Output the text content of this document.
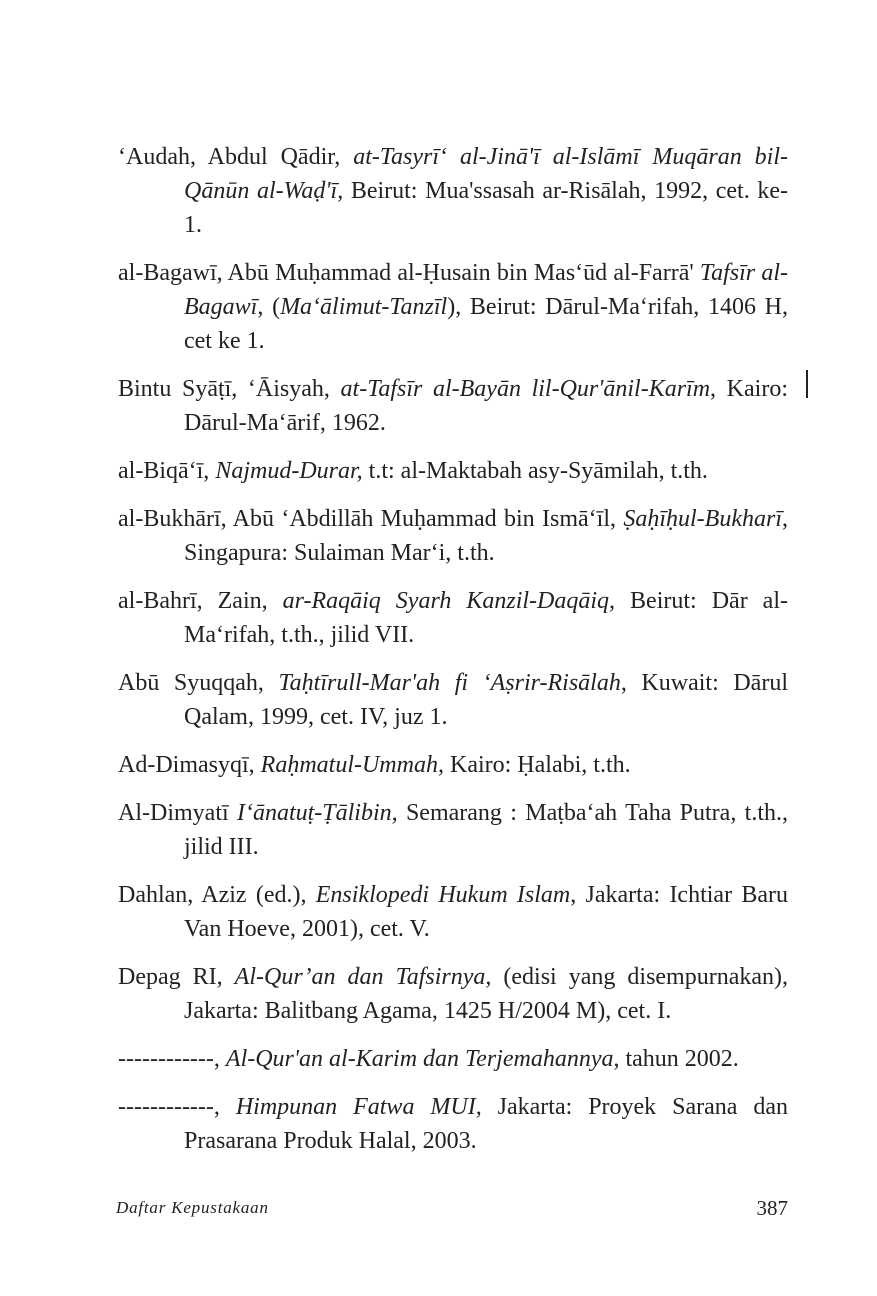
‘Audah, Abdul Qādir, at-Tasyrī‘ al-Jinā'ī al-Islāmī Muqāran bil-Qānūn al-Waḍ'ī, Beirut: Mua'ssasah ar-Risālah, 1992, cet. ke-1.

al-Bagawī, Abū Muḥammad al-Ḥusain bin Mas‘ūd al-Farrā' Tafsīr al-Bagawī, (Ma‘ālimut-Tanzīl), Beirut: Dārul-Ma‘rifah, 1406 H, cet ke 1.

Bintu Syāṭī, ‘Āisyah, at-Tafsīr al-Bayān lil-Qur'ānil-Karīm, Kairo: Dārul-Ma‘ārif, 1962.

al-Biqā‘ī, Najmud-Durar, t.t: al-Maktabah asy-Syāmilah, t.th.

al-Bukhārī, Abū ‘Abdillāh Muḥammad bin Ismā‘īl, Ṣaḥīḥul-Bukharī, Singapura: Sulaiman Mar‘i, t.th.

al-Bahrī, Zain, ar-Raqāiq Syarh Kanzil-Daqāiq, Beirut: Dār al-Ma‘rifah, t.th., jilid VII.

Abū Syuqqah, Taḥtīrull-Mar'ah fi ‘Aṣrir-Risālah, Kuwait: Dārul Qalam, 1999, cet. IV, juz 1.

Ad-Dimasyqī, Raḥmatul-Ummah, Kairo: Ḥalabi, t.th.

Al-Dimyatī I‘ānatuṭ-Ṭālibin, Semarang : Maṭba‘ah Taha Putra, t.th., jilid III.

Dahlan, Aziz (ed.), Ensiklopedi Hukum Islam, Jakarta: Ichtiar Baru Van Hoeve, 2001), cet. V.

Depag RI, Al-Qur’an dan Tafsirnya, (edisi yang disempurnakan), Jakarta: Balitbang Agama, 1425 H/2004 M), cet. I.

------------, Al-Qur'an al-Karim dan Terjemahannya, tahun 2002.

------------, Himpunan Fatwa MUI, Jakarta: Proyek Sarana dan Prasarana Produk Halal, 2003.

Daftar Kepustakaan	387
